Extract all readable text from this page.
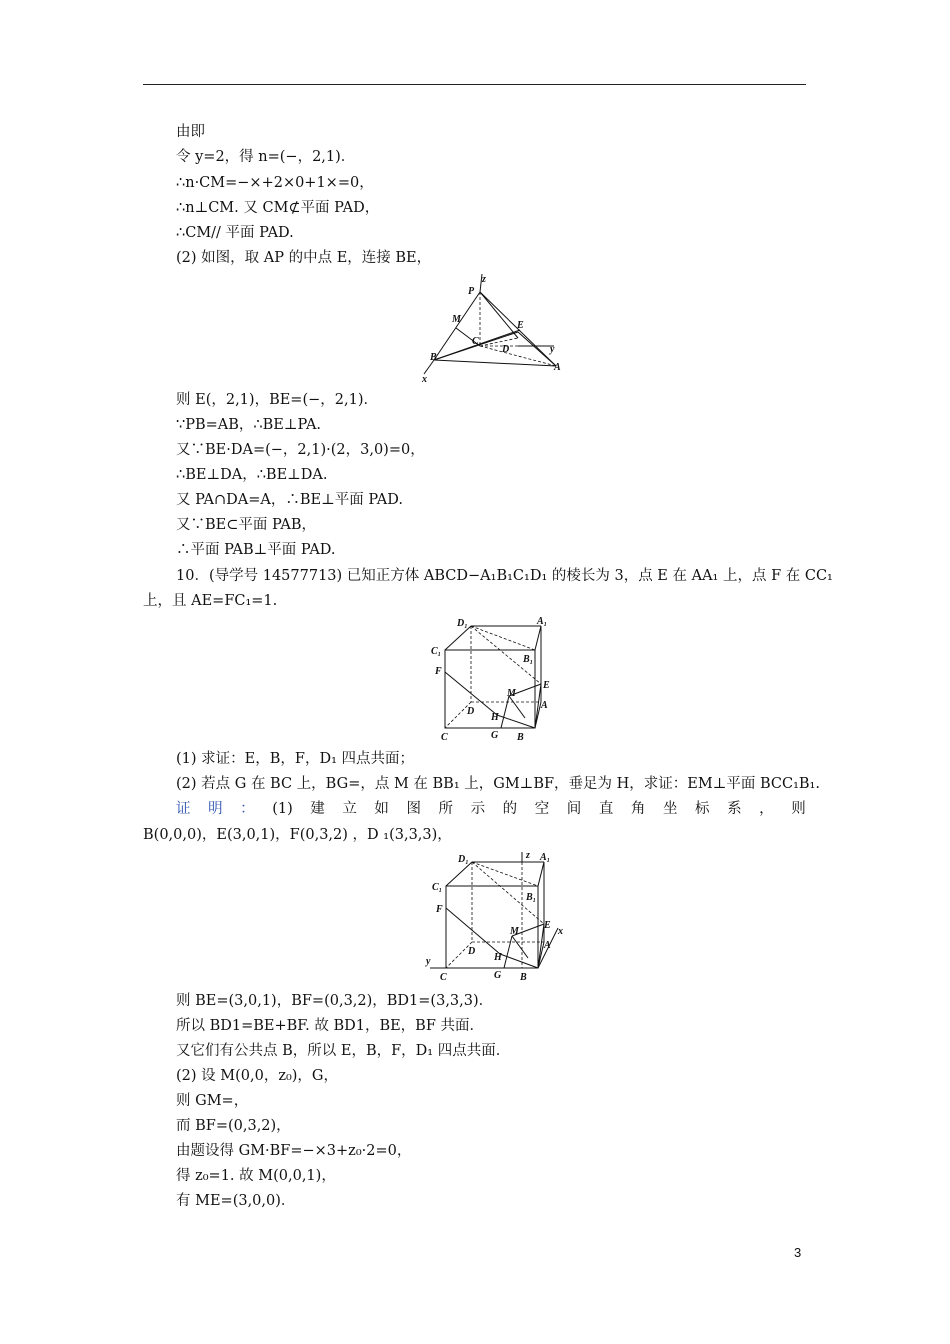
由即
令 y=2，得 n=(−，2,1)．
∴n·CM=−×+2×0+1×=0，
∴n⊥CM. 又 CM⊄平面 PAD，
∴CM// 平面 PAD.
(2) 如图，取 AP 的中点 E，连接 BE，
z
P
M
E
C
D	y
B
A
x
则 E(，2,1)，BE=(−，2,1)．
∵PB=AB，∴BE⊥PA.
又∵BE·DA=(−，2,1)·(2，3,0)=0，
∴BE⊥DA，∴BE⊥DA.
又 PA∩DA=A，∴BE⊥平面 PAD.
又∵BE⊂平面 PAB，
∴平面 PAB⊥平面 PAD.
10．(导学号 14577713) 已知正方体 ABCD−A₁B₁C₁D₁ 的棱长为 3，点 E 在 AA₁ 上，点 F 在 CC₁
上，且 AE=FC₁=1.
D₁	A₁
C₁
B₁
F
M
E
A
D
H
C	G B
(1) 求证：E，B，F，D₁ 四点共面；
(2) 若点 G 在 BC 上，BG=，点 M 在 BB₁ 上，GM⊥BF，垂足为 H，求证：EM⊥平面 BCC₁B₁.
证 明 ： (1) 建 立 如 图 所 示 的 空 间 直 角 坐 标 系 ， 则
B(0,0,0)，E(3,0,1)，F(0,3,2) ，D ₁(3,3,3)，
z
D₁	A₁
C₁
B₁
F
M
E
x
A
y
D
H
C	G B
则 BE=(3,0,1)，BF=(0,3,2)，BD1=(3,3,3)．
所以 BD1=BE+BF. 故 BD1，BE，BF 共面．
又它们有公共点 B，所以 E，B，F，D₁ 四点共面．
(2) 设 M(0,0，z₀)，G，
则 GM=，
而 BF=(0,3,2)，
由题设得 GM·BF=−×3+z₀·2=0，
得 z₀=1. 故 M(0,0,1)，
有 ME=(3,0,0)．
3
